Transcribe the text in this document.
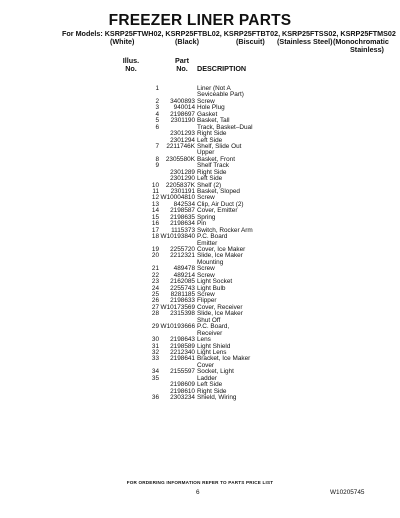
FREEZER LINER PARTS
For Models: KSRP25FTWH02, KSRP25FTBL02, KSRP25FTBT02, KSRP25FTSS02, KSRP25FTMS02
(White)	(Black)	(Biscuit) (Stainless Steel) (Monochromatic
Stainless)
Illus.
No.
Part
No.	DESCRIPTION
1	Liner (Not A
Seviceable Part)
2 3400893 Screw
3 940014 Hole Plug
4 2198697 Gasket
5 2301190 Basket, Tall
6	Track, Basket–Dual
2301293 Right Side
2301294 Left Side
7 2211746K Shelf, Slide Out
Upper
8 2305580K Basket, Front
9	Shelf Track
2301289 Right Side
2301290 Left Side
10 2205837K Shelf (2)
11 2301191 Basket, Sloped
12 W10004810 Screw
13 842534 Clip, Air Duct (2)
14 2198587 Cover, Emitter
15 2198635 Spring
16 2198634 Pin
17 1115373 Switch, Rocker Arm
18 W10193840 P.C. Board
Emitter
19 2255720 Cover, Ice Maker
20 2212321 Slide, Ice Maker
Mounting
21 489478 Screw
22 489214 Screw
23 2162085 Light Socket
24 2255743 Light Bulb
25 8281185 Screw
26 2198633 Flipper
27 W10173569 Cover, Receiver
28 2315398 Slide, Ice Maker
Shut Off
29 W10193666 P.C. Board,
Receiver
30 2198643 Lens
31 2198589 Light Shield
32 2212340 Light Lens
33 2198641 Bracket, Ice Maker
Cover
34 2155597 Socket, Light
35	Ladder
2198609 Left Side
2198610 Right Side
36 2303234 Shield, Wiring
FOR ORDERING INFORMATION REFER TO PARTS PRICE LIST
6	W10205745
